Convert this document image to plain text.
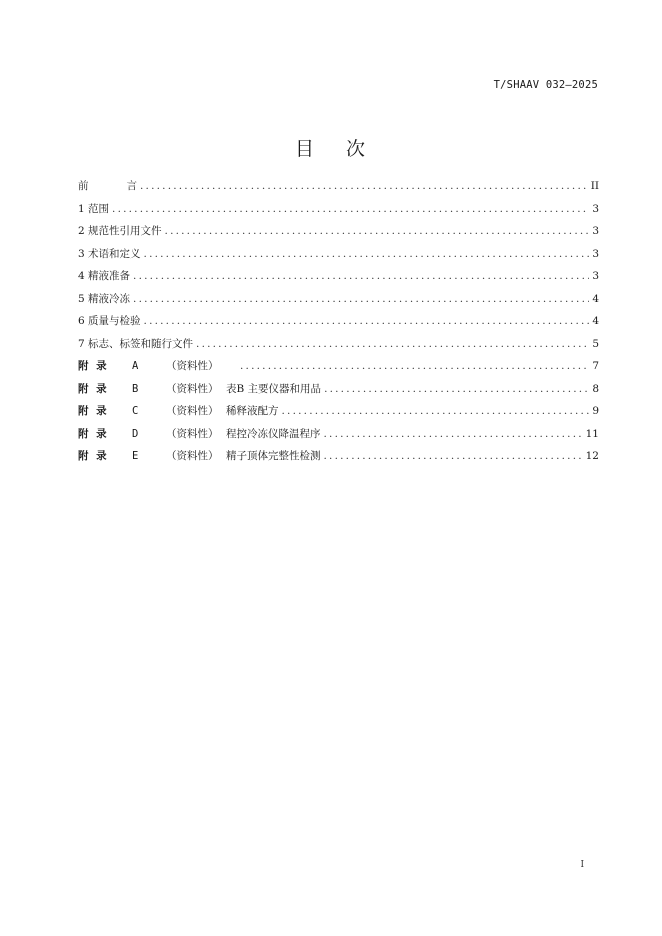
T/SHAAV 032—2025
目 次
前	言 .....	II
1 范围 .....	3
2 规范性引用文件 .....	3
3 术语和定义 .....	3
4 精液准备 .....	3
5 精液冷冻 .....	4
6 质量与检验 .....	4
7 标志、标签和随行文件 .....	5
附 录 A	（资料性） .....	7
附 录 B	（资料性） 表B 主要仪器和用品 .....	8
附 录 C	（资料性） 稀释液配方 .....	9
附 录 D	（资料性） 程控冷冻仪降温程序 .....	11
附 录 E	（资料性） 精子顶体完整性检测 .....	12
I
